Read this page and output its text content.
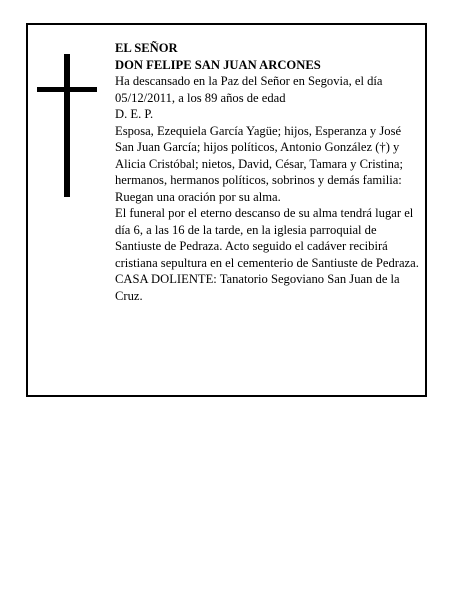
EL SEÑOR

DON FELIPE SAN JUAN ARCONES

Ha descansado en la Paz del Señor en Segovia, el día 05/12/2011, a los 89 años de edad

D. E. P.

Esposa, Ezequiela García Yagüe; hijos, Esperanza y José San Juan García; hijos políticos, Antonio González (†) y Alicia Cristóbal; nietos, David, César, Tamara y Cristina; hermanos, hermanos políticos, sobrinos y demás familia:

Ruegan una oración por su alma.

El funeral por el eterno descanso de su alma tendrá lugar el día 6, a las 16 de la tarde, en la iglesia parroquial de Santiuste de Pedraza. Acto seguido el cadáver recibirá cristiana sepultura en el cementerio de Santiuste de Pedraza.

CASA DOLIENTE: Tanatorio Segoviano San Juan de la Cruz.
